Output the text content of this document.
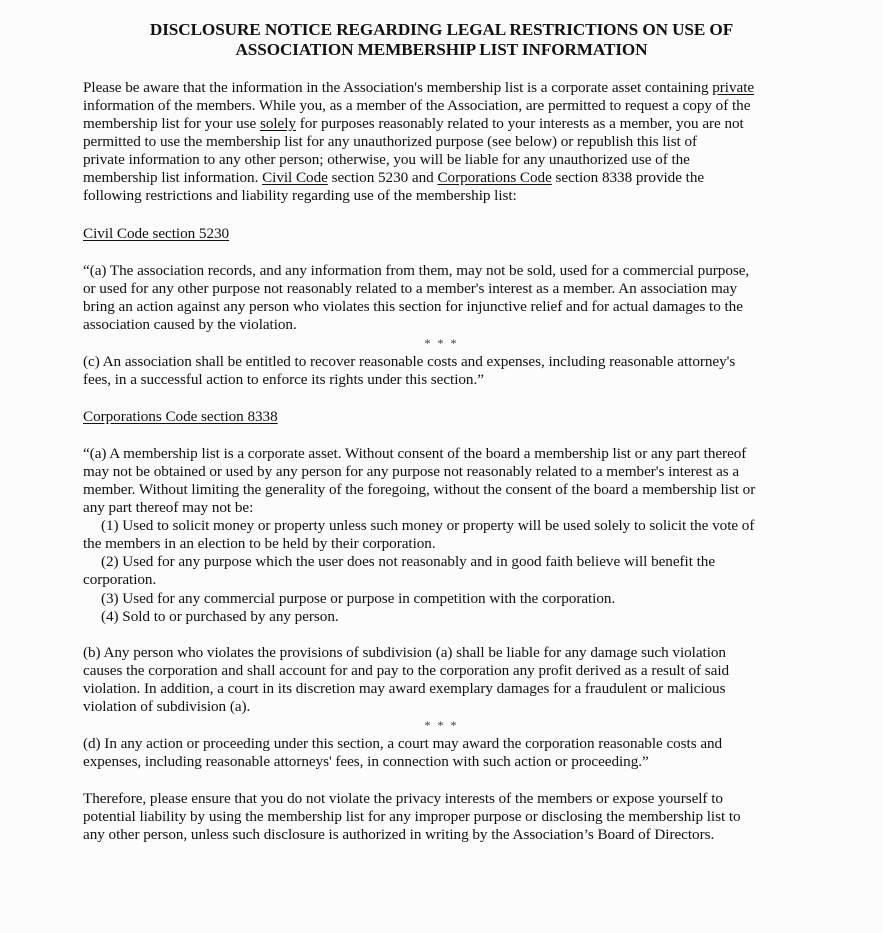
DISCLOSURE NOTICE REGARDING LEGAL RESTRICTIONS ON USE OF
ASSOCIATION MEMBERSHIP LIST INFORMATION
Please be aware that the information in the Association's membership list is a corporate asset containing private
information of the members. While you, as a member of the Association, are permitted to request a copy of the
membership list for your use solely for purposes reasonably related to your interests as a member, you are not
permitted to use the membership list for any unauthorized purpose (see below) or republish this list of
private information to any other person; otherwise, you will be liable for any unauthorized use of the
membership list information. Civil Code section 5230 and Corporations Code section 8338 provide the
following restrictions and liability regarding use of the membership list:
Civil Code section 5230
“(a) The association records, and any information from them, may not be sold, used for a commercial purpose,
or used for any other purpose not reasonably related to a member's interest as a member. An association may
bring an action against any person who violates this section for injunctive relief and for actual damages to the
association caused by the violation.
* * *
(c) An association shall be entitled to recover reasonable costs and expenses, including reasonable attorney's
fees, in a successful action to enforce its rights under this section.”
Corporations Code section 8338
“(a) A membership list is a corporate asset. Without consent of the board a membership list or any part thereof
may not be obtained or used by any person for any purpose not reasonably related to a member's interest as a
member. Without limiting the generality of the foregoing, without the consent of the board a membership list or
any part thereof may not be:
(1) Used to solicit money or property unless such money or property will be used solely to solicit the vote of
the members in an election to be held by their corporation.
(2) Used for any purpose which the user does not reasonably and in good faith believe will benefit the
corporation.
(3) Used for any commercial purpose or purpose in competition with the corporation.
(4) Sold to or purchased by any person.
(b) Any person who violates the provisions of subdivision (a) shall be liable for any damage such violation
causes the corporation and shall account for and pay to the corporation any profit derived as a result of said
violation. In addition, a court in its discretion may award exemplary damages for a fraudulent or malicious
violation of subdivision (a).
* * *
(d) In any action or proceeding under this section, a court may award the corporation reasonable costs and
expenses, including reasonable attorneys' fees, in connection with such action or proceeding.”
Therefore, please ensure that you do not violate the privacy interests of the members or expose yourself to
potential liability by using the membership list for any improper purpose or disclosing the membership list to
any other person, unless such disclosure is authorized in writing by the Association’s Board of Directors.
